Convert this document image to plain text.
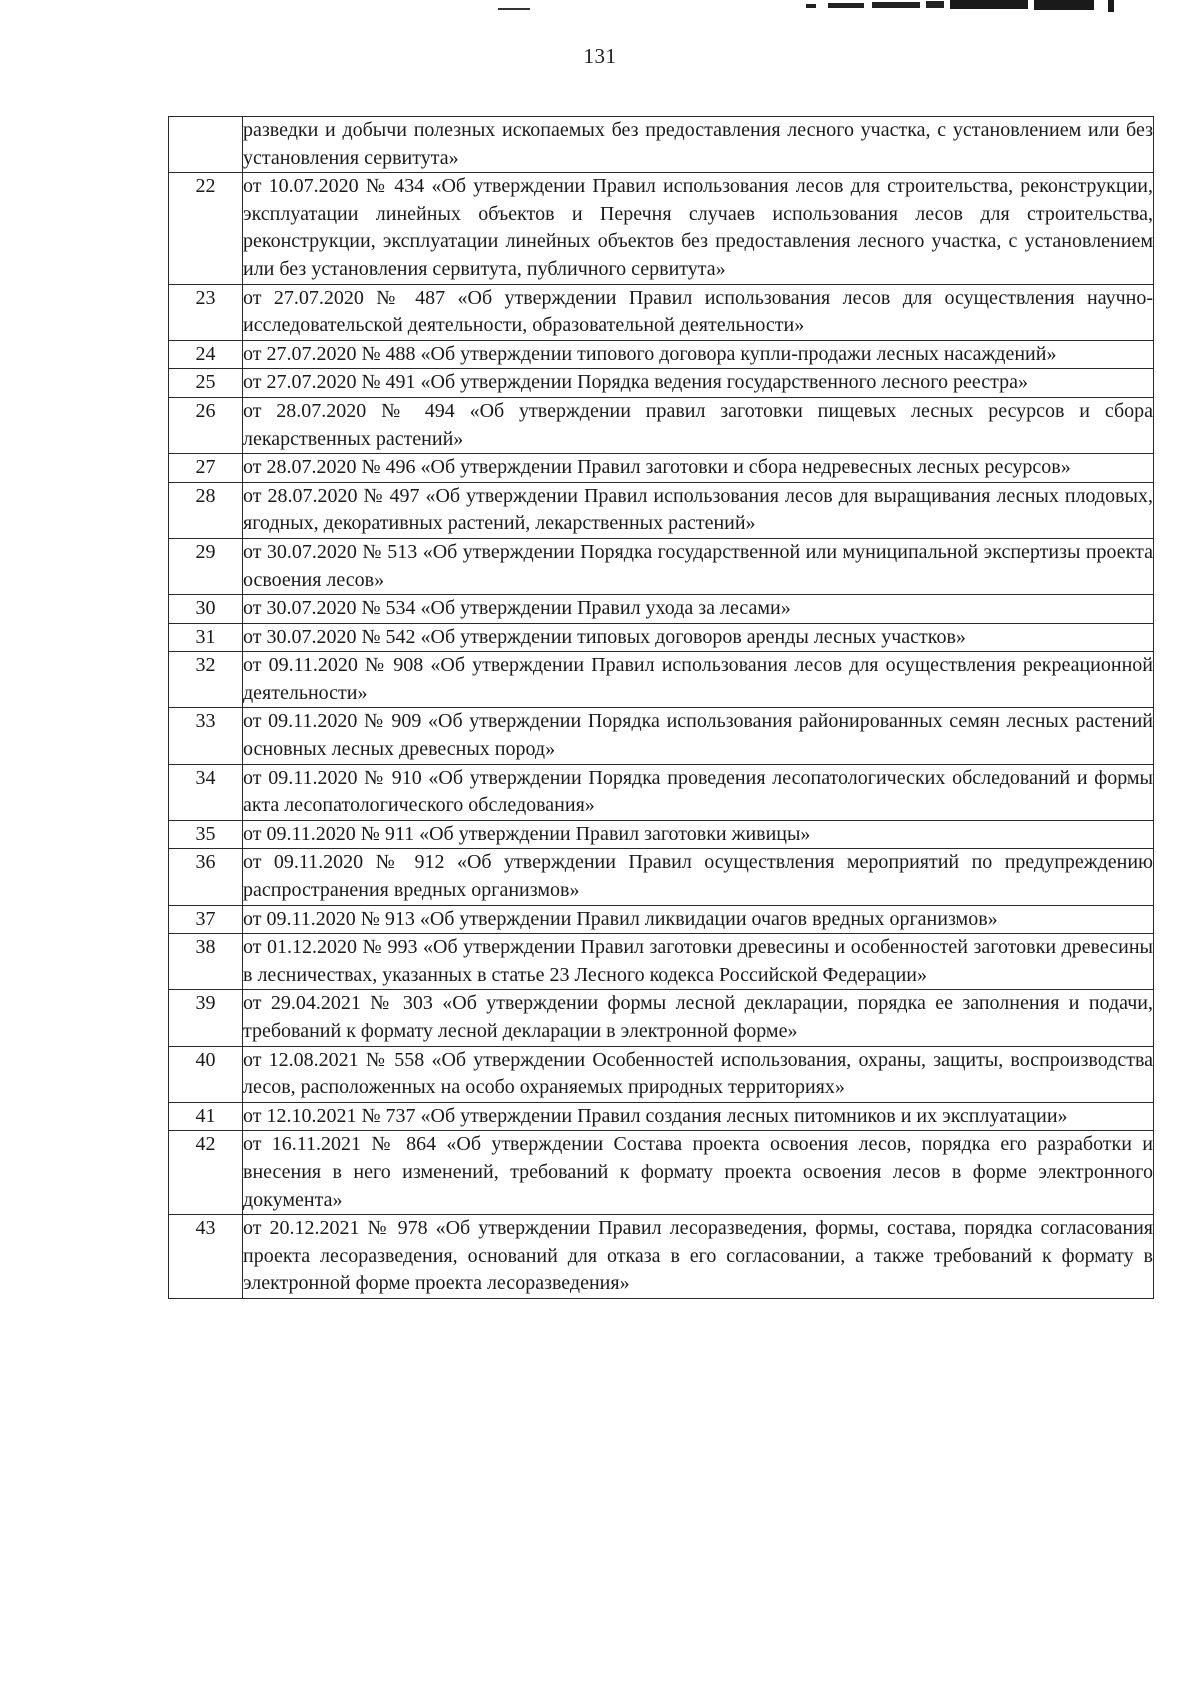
131
	разведки и добычи полезных ископаемых без предоставления лесного участка, с установлением или без установления сервитута»
22	от 10.07.2020 № 434 «Об утверждении Правил использования лесов для строительства, реконструкции, эксплуатации линейных объектов и Перечня случаев использования лесов для строительства, реконструкции, эксплуатации линейных объектов без предоставления лесного участка, с установлением или без установления сервитута, публичного сервитута»
23	от 27.07.2020 № 487 «Об утверждении Правил использования лесов для осуществления научно-исследовательской деятельности, образовательной деятельности»
24	от 27.07.2020 № 488 «Об утверждении типового договора купли-продажи лесных насаждений»
25	от 27.07.2020 № 491 «Об утверждении Порядка ведения государственного лесного реестра»
26	от 28.07.2020 № 494 «Об утверждении правил заготовки пищевых лесных ресурсов и сбора лекарственных растений»
27	от 28.07.2020 № 496 «Об утверждении Правил заготовки и сбора недревесных лесных ресурсов»
28	от 28.07.2020 № 497 «Об утверждении Правил использования лесов для выращивания лесных плодовых, ягодных, декоративных растений, лекарственных растений»
29	от 30.07.2020 № 513 «Об утверждении Порядка государственной или муниципальной экспертизы проекта освоения лесов»
30	от 30.07.2020 № 534 «Об утверждении Правил ухода за лесами»
31	от 30.07.2020 № 542 «Об утверждении типовых договоров аренды лесных участков»
32	от 09.11.2020 № 908 «Об утверждении Правил использования лесов для осуществления рекреационной деятельности»
33	от 09.11.2020 № 909 «Об утверждении Порядка использования районированных семян лесных растений основных лесных древесных пород»
34	от 09.11.2020 № 910 «Об утверждении Порядка проведения лесопатологических обследований и формы акта лесопатологического обследования»
35	от 09.11.2020 № 911 «Об утверждении Правил заготовки живицы»
36	от 09.11.2020 № 912 «Об утверждении Правил осуществления мероприятий по предупреждению распространения вредных организмов»
37	от 09.11.2020 № 913 «Об утверждении Правил ликвидации очагов вредных организмов»
38	от 01.12.2020 № 993 «Об утверждении Правил заготовки древесины и особенностей заготовки древесины в лесничествах, указанных в статье 23 Лесного кодекса Российской Федерации»
39	от 29.04.2021 № 303 «Об утверждении формы лесной декларации, порядка ее заполнения и подачи, требований к формату лесной декларации в электронной форме»
40	от 12.08.2021 № 558 «Об утверждении Особенностей использования, охраны, защиты, воспроизводства лесов, расположенных на особо охраняемых природных территориях»
41	от 12.10.2021 № 737 «Об утверждении Правил создания лесных питомников и их эксплуатации»
42	от 16.11.2021 № 864 «Об утверждении Состава проекта освоения лесов, порядка его разработки и внесения в него изменений, требований к формату проекта освоения лесов в форме электронного документа»
43	от 20.12.2021 № 978 «Об утверждении Правил лесоразведения, формы, состава, порядка согласования проекта лесоразведения, оснований для отказа в его согласовании, а также требований к формату в электронной форме проекта лесоразведения»
